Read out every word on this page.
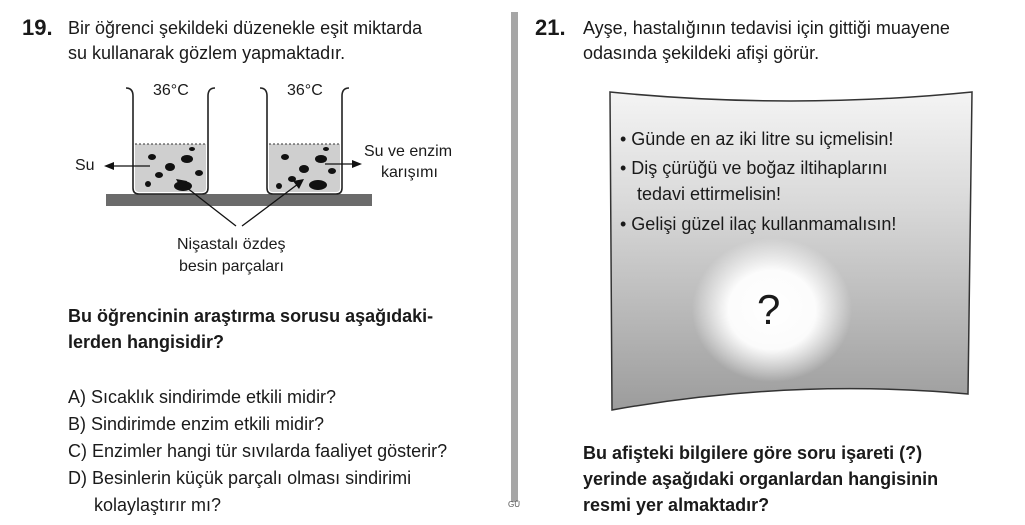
19. Bir öğrenci şekildeki düzenekle eşit miktarda
su kullanarak gözlem yapmaktadır.
36°C	36°C
Su
Su ve enzim
karışımı
Nişastalı özdeş
besin parçaları
Bu öğrencinin araştırma sorusu aşağıdaki-
lerden hangisidir?
A) Sıcaklık sindirimde etkili midir?
B) Sindirimde enzim etkili midir?
C) Enzimler hangi tür sıvılarda faaliyet gösterir?
D) Besinlerin küçük parçalı olması sindirimi
kolaylaştırır mı?	GÜ
21. Ayşe, hastalığının tedavisi için gittiği muayene
odasında şekildeki afişi görür.
• Günde en az iki litre su içmelisin!
• Diş çürüğü ve boğaz iltihaplarını
tedavi ettirmelisin!
• Gelişi güzel ilaç kullanmamalısın!
?
Bu afişteki bilgilere göre soru işareti (?)
yerinde aşağıdaki organlardan hangisinin
resmi yer almaktadır?
